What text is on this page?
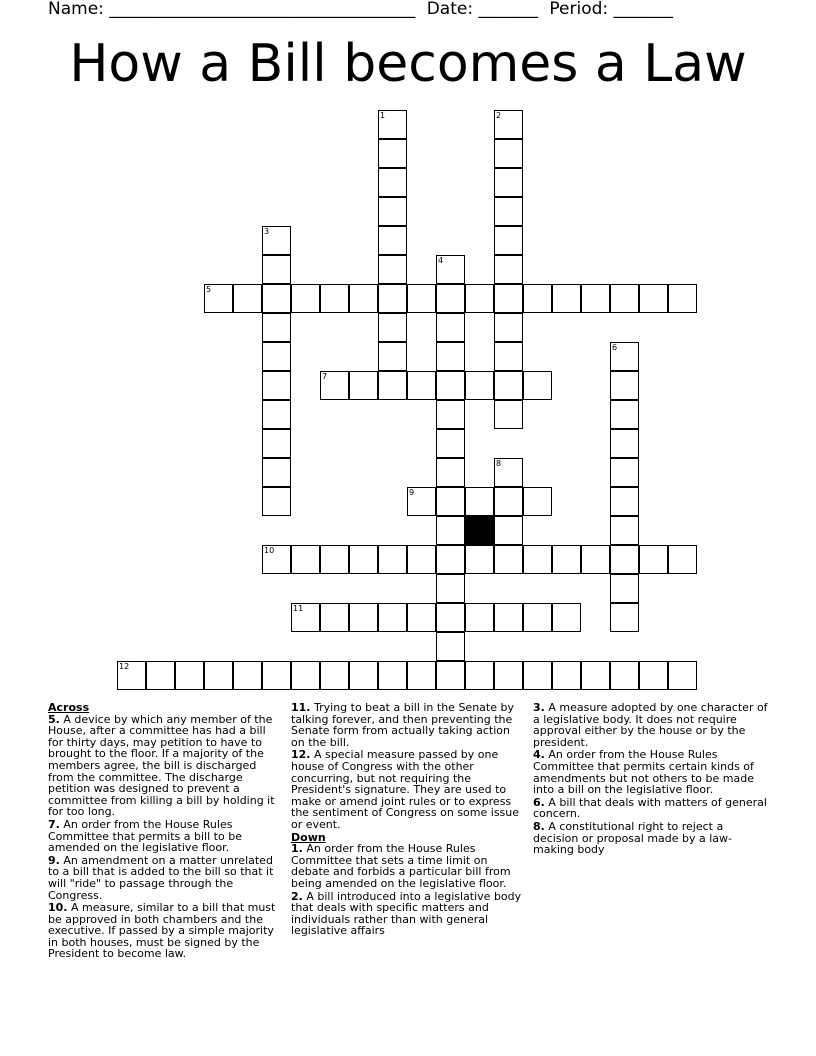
Name: ____________________________________ Date: _______ Period: _______
How a Bill becomes a Law
1	2
3
4
5
6
7
8
9
10
11
12
Across
5. A device by which any member of the House, after a committee has had a bill for thirty days, may petition to have to brought to the floor. If a majority of the members agree, the bill is discharged from the committee. The discharge petition was designed to prevent a committee from killing a bill by holding it for too long.
7. An order from the House Rules Committee that permits a bill to be amended on the legislative floor.
9. An amendment on a matter unrelated to a bill that is added to the bill so that it will "ride" to passage through the Congress.
10. A measure, similar to a bill that must be approved in both chambers and the executive. If passed by a simple majority in both houses, must be signed by the President to become law.
11. Trying to beat a bill in the Senate by talking forever, and then preventing the Senate form from actually taking action on the bill.
12. A special measure passed by one house of Congress with the other concurring, but not requiring the President's signature. They are used to make or amend joint rules or to express the sentiment of Congress on some issue or event.
Down
1. An order from the House Rules Committee that sets a time limit on debate and forbids a particular bill from being amended on the legislative floor.
2. A bill introduced into a legislative body that deals with specific matters and individuals rather than with general legislative affairs
3. A measure adopted by one character of a legislative body. It does not require approval either by the house or by the president.
4. An order from the House Rules Committee that permits certain kinds of amendments but not others to be made into a bill on the legislative floor.
6. A bill that deals with matters of general concern.
8. A constitutional right to reject a decision or proposal made by a law-making body
